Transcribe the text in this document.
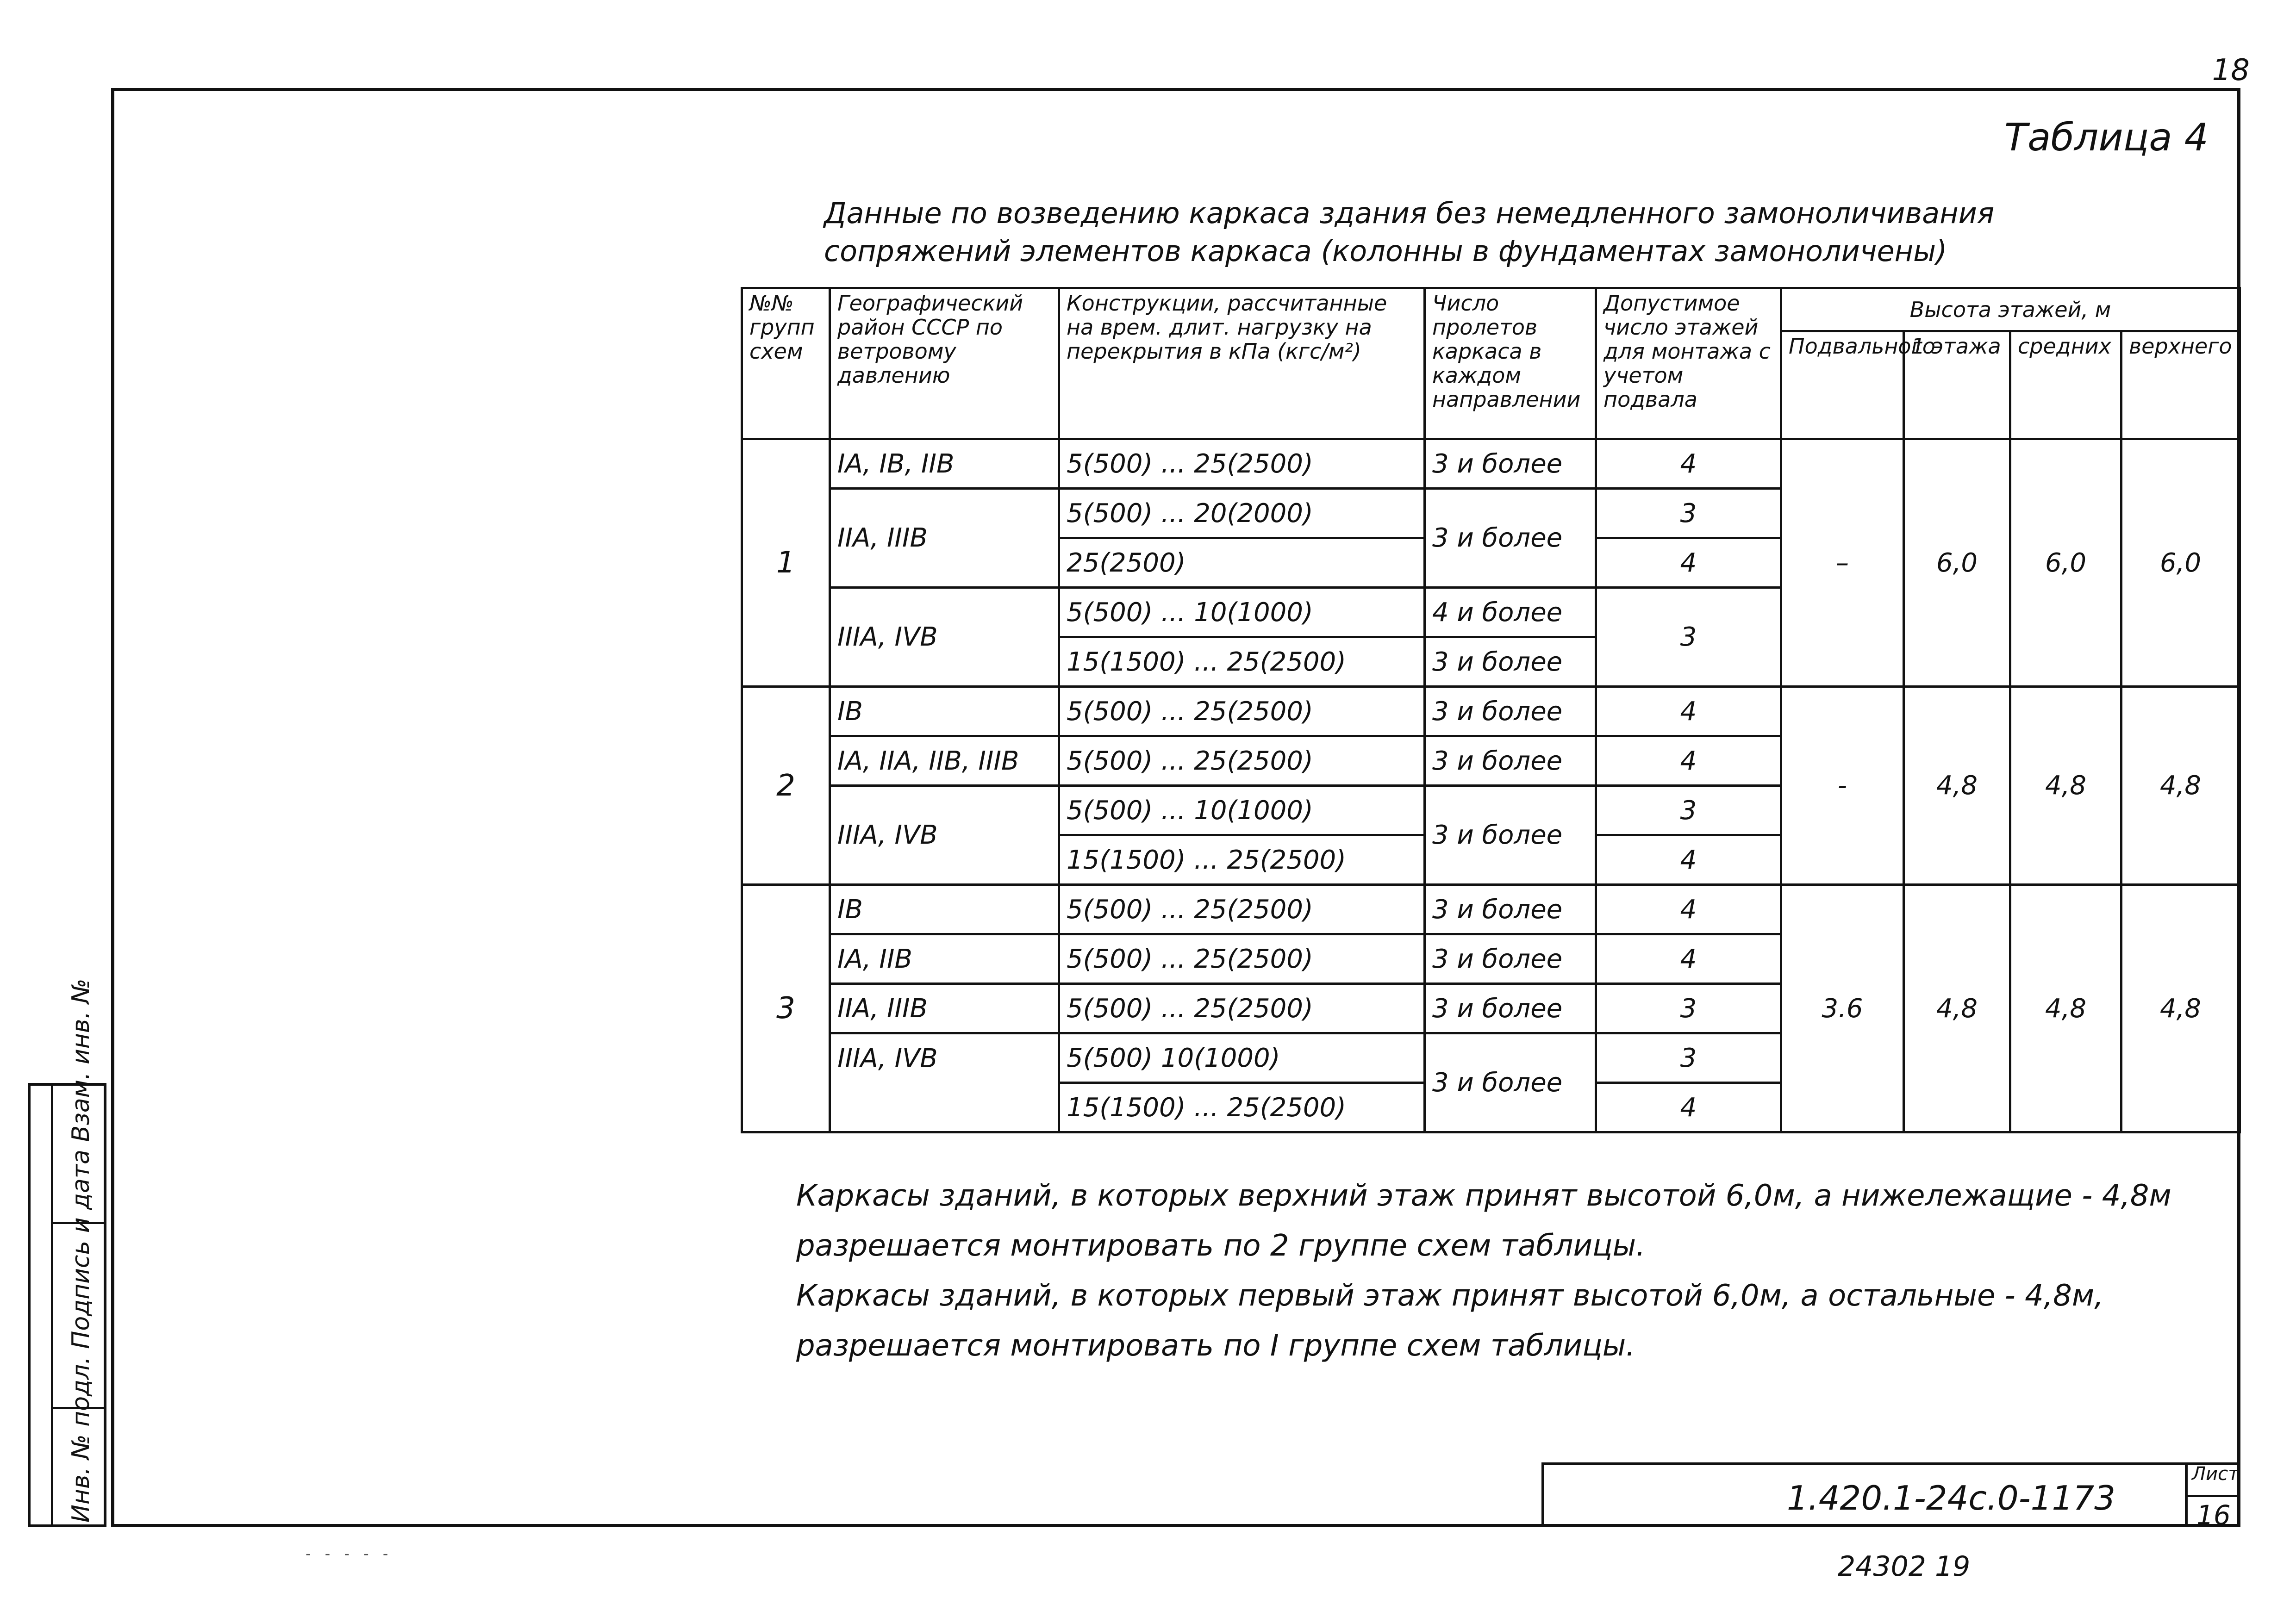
18
Таблица 4
Данные по возведению каркаса здания без немедленного замоноличивания сопряжений элементов каркаса (колонны в фундаментах замоноличены)
№№ групп схем	Географический район СССР по ветровому давлению	Конструкции, рассчитанные на врем. длит. нагрузку на перекрытия в кПа (кгс/м²)	Число пролетов каркаса в каждом направлении	Допустимое число этажей для монтажа с учетом подвала	Высота этажей, м			
					Подвального	1 этажа	средних	верхнего
1	IА, IВ, IIВ	5(500) ... 25(2500)	3 и более	4	–	6,0	6,0	6,0
	IIА, IIIВ	5(500) ... 20(2000)	3 и более	3				
		25(2500)		4				
	IIIА, IVВ	5(500) ... 10(1000)	4 и более	3				
		15(1500) ... 25(2500)	3 и более					
2	IВ	5(500) ... 25(2500)	3 и более	4	-	4,8	4,8	4,8
	IА, IIА, IIВ, IIIВ	5(500) ... 25(2500)	3 и более	4				
	IIIА, IVВ	5(500) ... 10(1000)	3 и более	3				
		15(1500) ... 25(2500)		4				
3	IВ	5(500) ... 25(2500)	3 и более	4	3.6	4,8	4,8	4,8
	IА, IIВ	5(500) ... 25(2500)	3 и более	4				
	IIА, IIIВ	5(500) ... 25(2500)	3 и более	3				
	IIIА, IVВ	5(500) 10(1000)	3 и более	3				
		15(1500) ... 25(2500)		4				
Каркасы зданий, в которых верхний этаж принят высотой 6,0м, а нижележащие - 4,8м разрешается монтировать по 2 группе схем таблицы.
Каркасы зданий, в которых первый этаж принят высотой 6,0м, а остальные - 4,8м, разрешается монтировать по I группе схем таблицы.
1.420.1-24с.0-1173
Лист
16
24302 19
Инв. № подл. Подпись и дата Взам. инв. №
- - - - -
